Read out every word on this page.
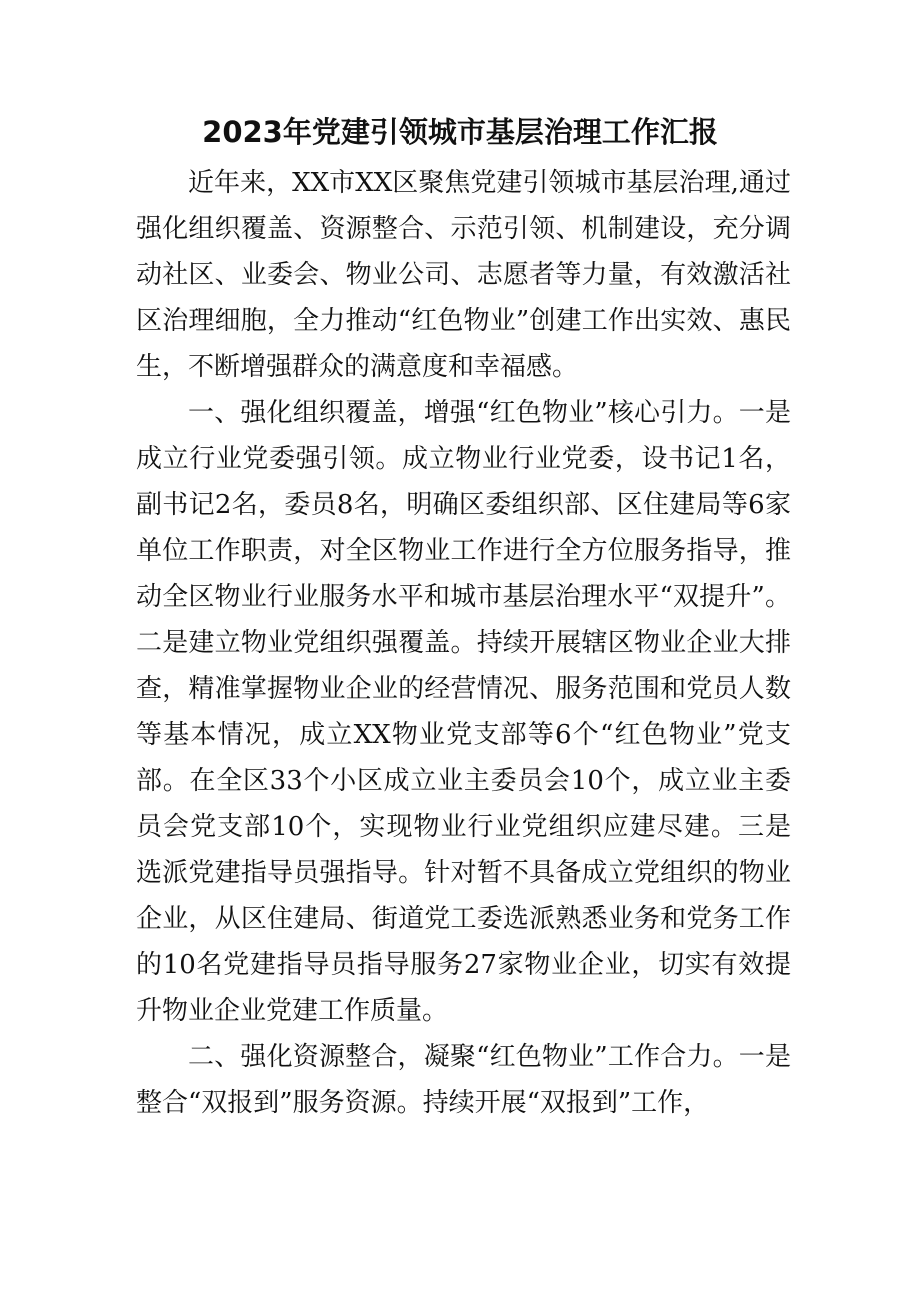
2023年党建引领城市基层治理工作汇报

近年来，XX市XX区聚焦党建引领城市基层治理,通过强化组织覆盖、资源整合、示范引领、机制建设，充分调动社区、业委会、物业公司、志愿者等力量，有效激活社区治理细胞，全力推动“红色物业”创建工作出实效、惠民生，不断增强群众的满意度和幸福感。

一、强化组织覆盖，增强“红色物业”核心引力。一是成立行业党委强引领。成立物业行业党委，设书记1名，副书记2名，委员8名，明确区委组织部、区住建局等6家单位工作职责，对全区物业工作进行全方位服务指导，推动全区物业行业服务水平和城市基层治理水平“双提升”。二是建立物业党组织强覆盖。持续开展辖区物业企业大排查，精准掌握物业企业的经营情况、服务范围和党员人数等基本情况，成立XX物业党支部等6个“红色物业”党支部。在全区33个小区成立业主委员会10个，成立业主委员会党支部10个，实现物业行业党组织应建尽建。三是选派党建指导员强指导。针对暂不具备成立党组织的物业企业，从区住建局、街道党工委选派熟悉业务和党务工作的10名党建指导员指导服务27家物业企业，切实有效提升物业企业党建工作质量。

二、强化资源整合，凝聚“红色物业”工作合力。一是整合“双报到”服务资源。持续开展“双报到”工作，
